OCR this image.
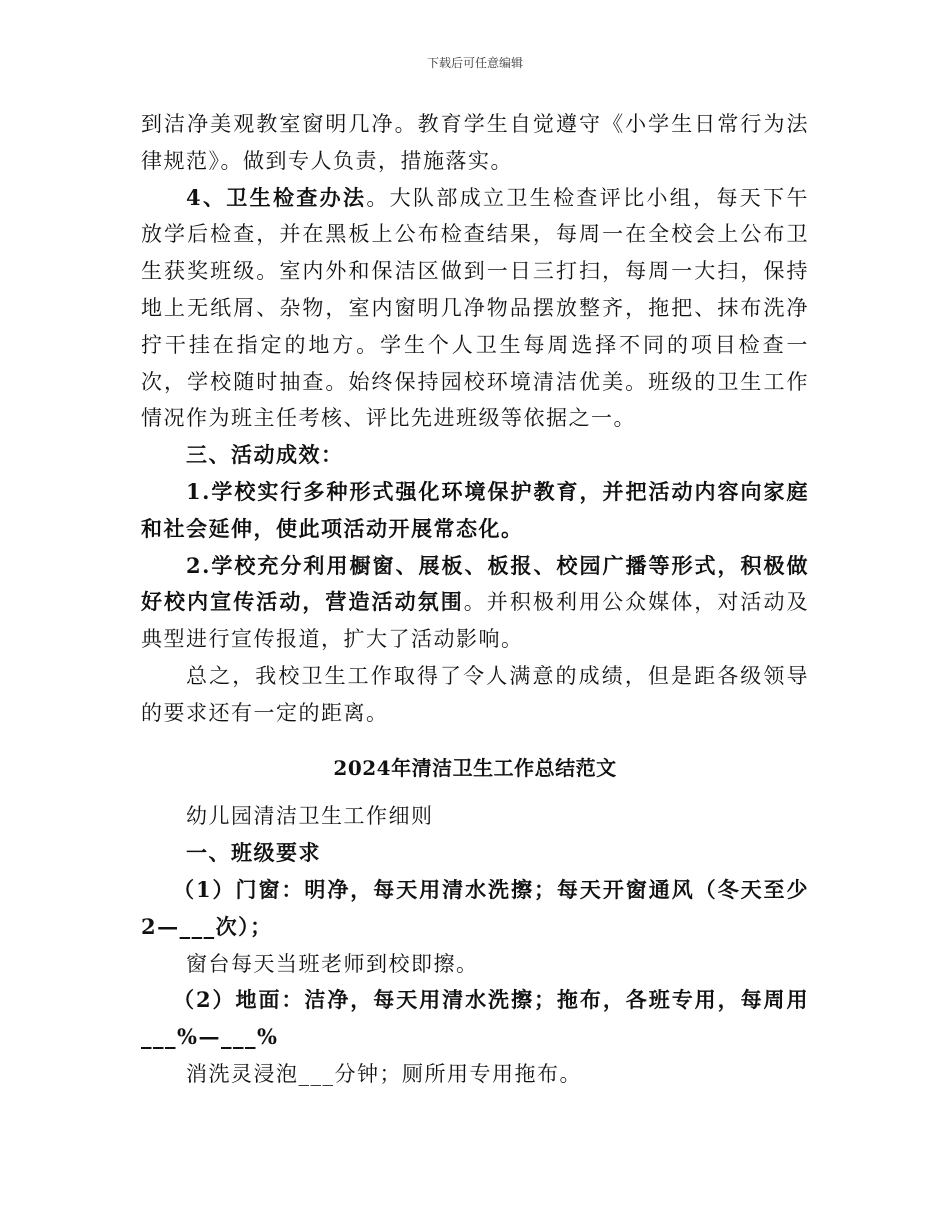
下载后可任意编辑

到洁净美观教室窗明几净。教育学生自觉遵守《小学生日常行为法律规范》。做到专人负责，措施落实。

4、卫生检查办法。大队部成立卫生检查评比小组，每天下午放学后检查，并在黑板上公布检查结果，每周一在全校会上公布卫生获奖班级。室内外和保洁区做到一日三打扫，每周一大扫，保持地上无纸屑、杂物，室内窗明几净物品摆放整齐，拖把、抹布洗净拧干挂在指定的地方。学生个人卫生每周选择不同的项目检查一次，学校随时抽查。始终保持园校环境清洁优美。班级的卫生工作情况作为班主任考核、评比先进班级等依据之一。

三、活动成效：

1.学校实行多种形式强化环境保护教育，并把活动内容向家庭和社会延伸，使此项活动开展常态化。

2.学校充分利用橱窗、展板、板报、校园广播等形式，积极做好校内宣传活动，营造活动氛围。并积极利用公众媒体，对活动及典型进行宣传报道，扩大了活动影响。

总之，我校卫生工作取得了令人满意的成绩，但是距各级领导的要求还有一定的距离。

2024年清洁卫生工作总结范文

幼儿园清洁卫生工作细则

一、班级要求

（1）门窗：明净，每天用清水洗擦；每天开窗通风（冬天至少2—___次）；

窗台每天当班老师到校即擦。

（2）地面：洁净，每天用清水洗擦；拖布，各班专用，每周用___%—___%

消洗灵浸泡___分钟；厕所用专用拖布。
